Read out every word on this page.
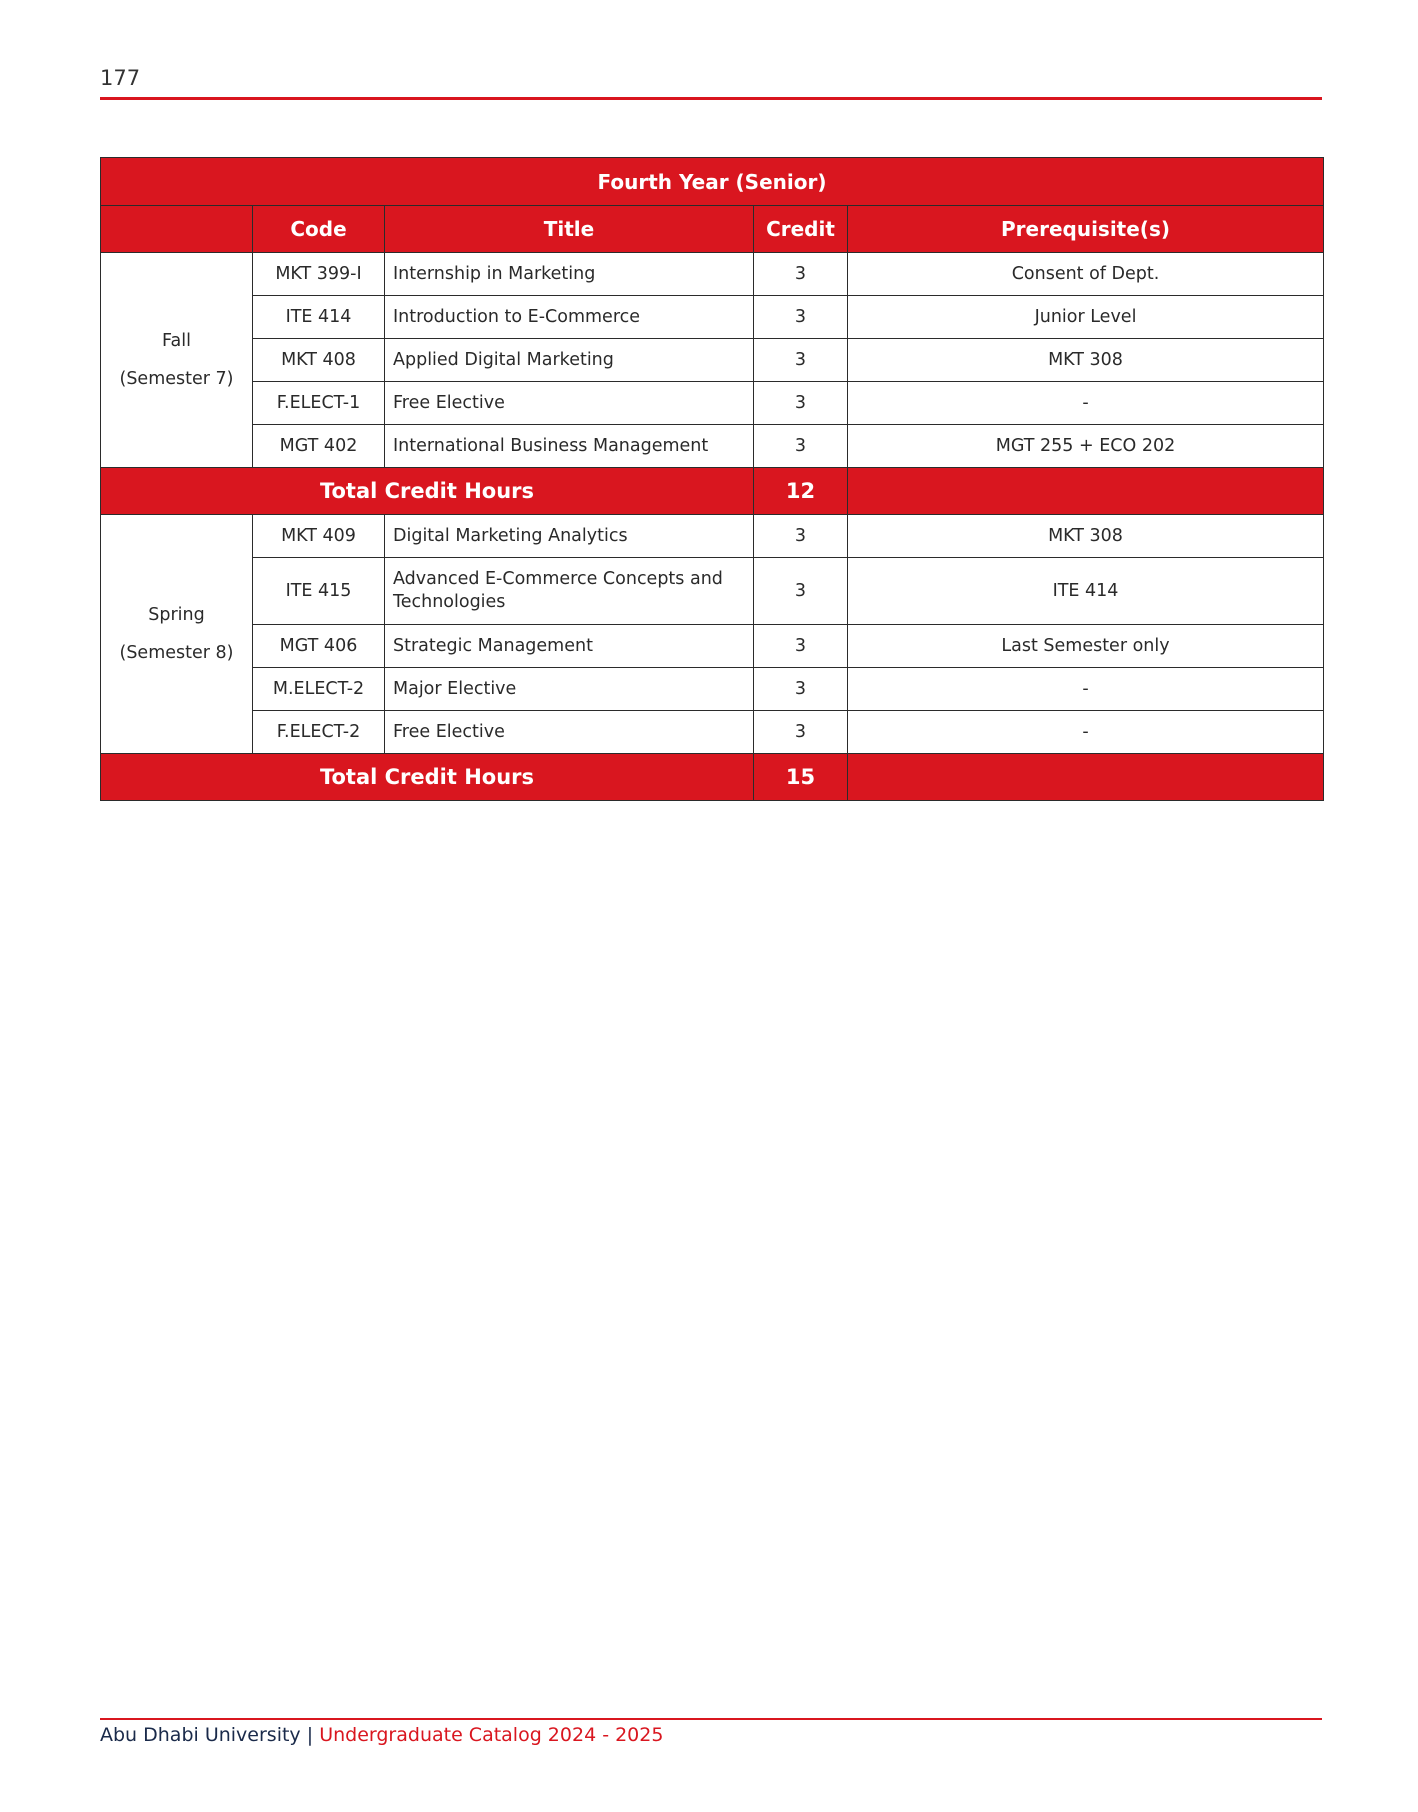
177
Fourth Year (Senior)				
	Code	Title	Credit	Prerequisite(s)

Fall
(Semester 7)	MKT 399-I	Internship in Marketing	3	Consent of Dept.
	ITE 414	Introduction to E-Commerce	3	Junior Level
	MKT 408	Applied Digital Marketing	3	MKT 308
	F.ELECT-1	Free Elective	3	-
	MGT 402	International Business Management	3	MGT 255 + ECO 202
Total Credit Hours			12	

Spring
(Semester 8)	MKT 409	Digital Marketing Analytics	3	MKT 308
	ITE 415	Advanced E-Commerce Concepts and Technologies	3	ITE 414
	MGT 406	Strategic Management	3	Last Semester only
	M.ELECT-2	Major Elective	3	-
	F.ELECT-2	Free Elective	3	-
Total Credit Hours			15	
Abu Dhabi University | Undergraduate Catalog 2024 - 2025
